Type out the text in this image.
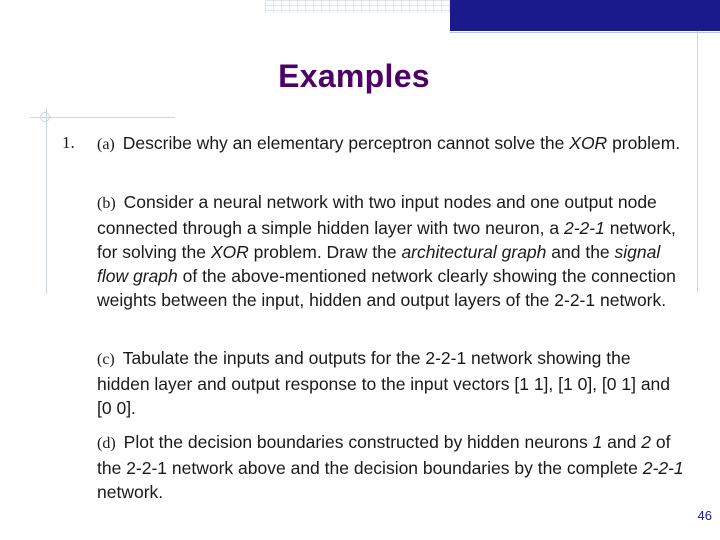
Examples
1. (a) Describe why an elementary perceptron cannot solve the XOR problem.

(b) Consider a neural network with two input nodes and one output node connected through a simple hidden layer with two neuron, a 2-2-1 network, for solving the XOR problem. Draw the architectural graph and the signal flow graph of the above-mentioned network clearly showing the connection weights between the input, hidden and output layers of the 2-2-1 network.

(c) Tabulate the inputs and outputs for the 2-2-1 network showing the hidden layer and output response to the input vectors [1 1], [1 0], [0 1] and [0 0].

(d) Plot the decision boundaries constructed by hidden neurons 1 and 2 of the 2-2-1 network above and the decision boundaries by the complete 2-2-1 network.

46
